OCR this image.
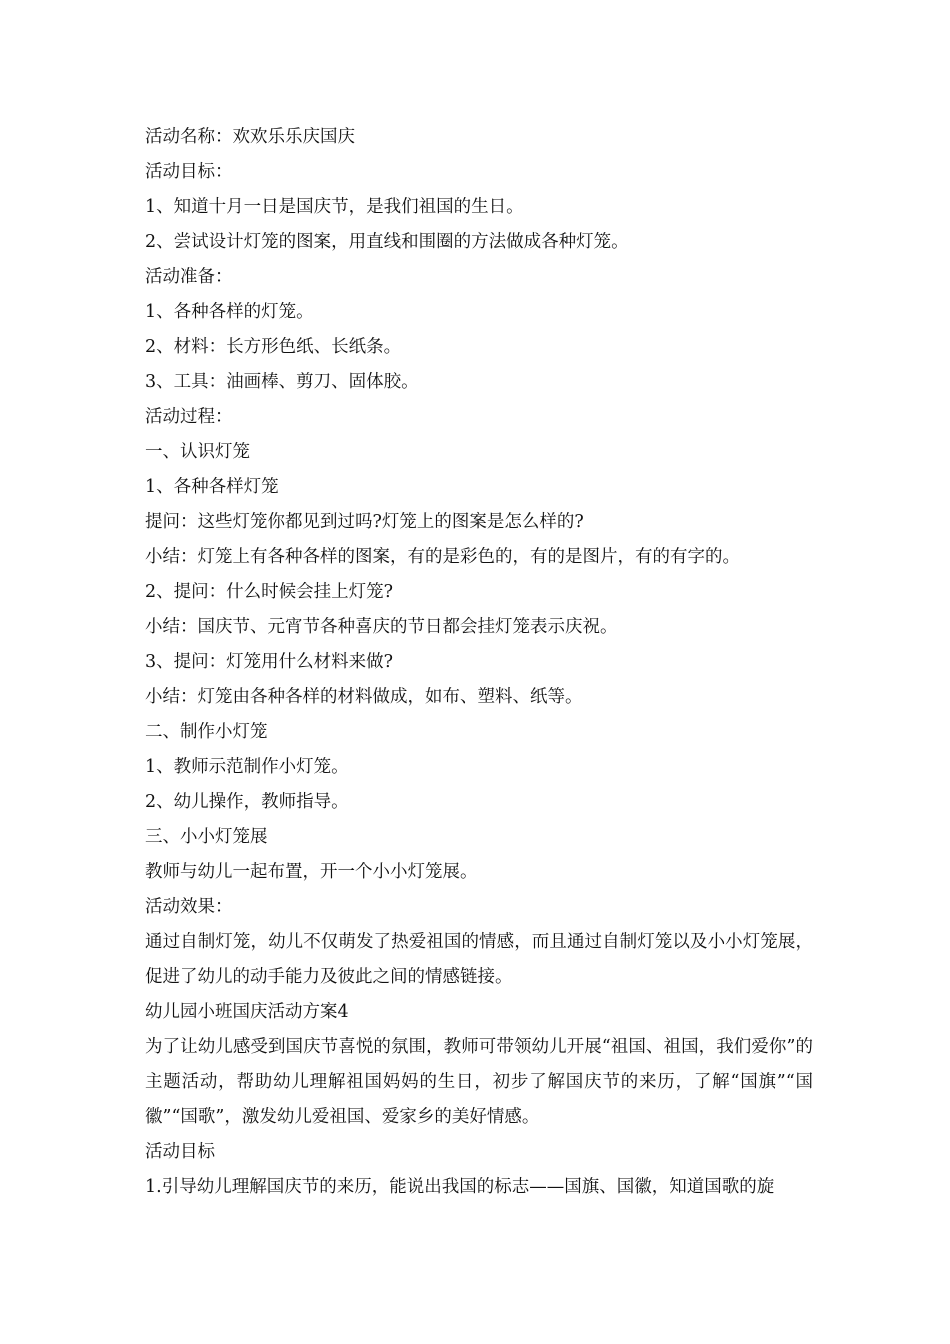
活动名称：欢欢乐乐庆国庆
活动目标：
1、知道十月一日是国庆节，是我们祖国的生日。
2、尝试设计灯笼的图案，用直线和围圈的方法做成各种灯笼。
活动准备：
1、各种各样的灯笼。
2、材料：长方形色纸、长纸条。
3、工具：油画棒、剪刀、固体胶。
活动过程：
一、认识灯笼
1、各种各样灯笼
提问：这些灯笼你都见到过吗?灯笼上的图案是怎么样的?
小结：灯笼上有各种各样的图案，有的是彩色的，有的是图片，有的有字的。
2、提问：什么时候会挂上灯笼?
小结：国庆节、元宵节各种喜庆的节日都会挂灯笼表示庆祝。
3、提问：灯笼用什么材料来做?
小结：灯笼由各种各样的材料做成，如布、塑料、纸等。
二、制作小灯笼
1、教师示范制作小灯笼。
2、幼儿操作，教师指导。
三、小小灯笼展
教师与幼儿一起布置，开一个小小灯笼展。
活动效果：
通过自制灯笼，幼儿不仅萌发了热爱祖国的情感，而且通过自制灯笼以及小小灯笼展，促进了幼儿的动手能力及彼此之间的情感链接。
幼儿园小班国庆活动方案4
为了让幼儿感受到国庆节喜悦的氛围，教师可带领幼儿开展“祖国、祖国，我们爱你”的主题活动，帮助幼儿理解祖国妈妈的生日，初步了解国庆节的来历，了解“国旗”“国徽”“国歌”，激发幼儿爱祖国、爱家乡的美好情感。
活动目标
1.引导幼儿理解国庆节的来历，能说出我国的标志——国旗、国徽，知道国歌的旋
